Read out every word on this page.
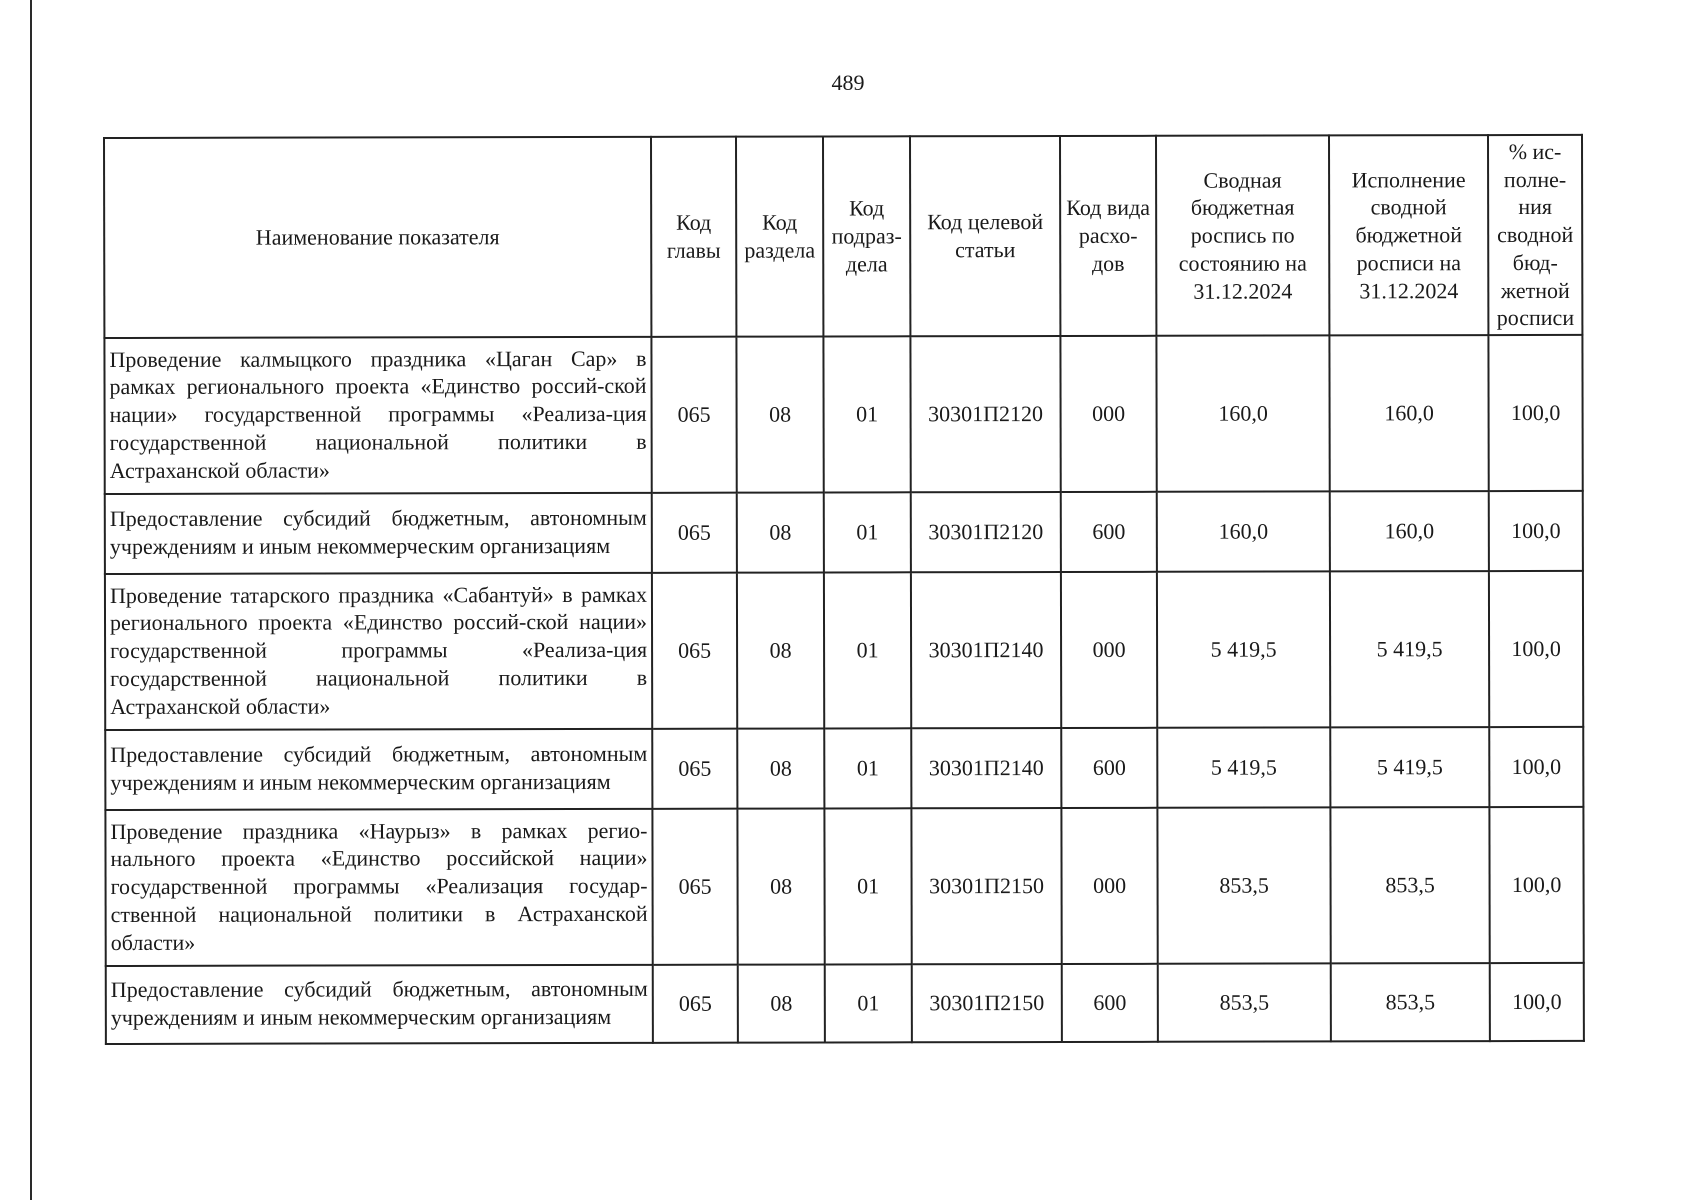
489
Наименование показателя	Код главы	Код раздела	Код подраз-дела	Код целевой статьи	Код вида расхо-дов	Сводная бюджетная роспись по состоянию на 31.12.2024	Исполнение сводной бюджетной росписи на 31.12.2024	% ис-полне-ния сводной бюд-жетной росписи
Проведение калмыцкого праздника «Цаган Сар» в рамках регионального проекта «Единство россий-ской нации» государственной программы «Реализа-ция государственной национальной политики в Астраханской области»	065	08	01	30301П2120	000	160,0	160,0	100,0
Предоставление субсидий бюджетным, автономным учреждениям и иным некоммерческим организациям	065	08	01	30301П2120	600	160,0	160,0	100,0
Проведение татарского праздника «Сабантуй» в рамках регионального проекта «Единство россий-ской нации» государственной программы «Реализа-ция государственной национальной политики в Астраханской области»	065	08	01	30301П2140	000	5 419,5	5 419,5	100,0
Предоставление субсидий бюджетным, автономным учреждениям и иным некоммерческим организациям	065	08	01	30301П2140	600	5 419,5	5 419,5	100,0
Проведение праздника «Наурыз» в рамках регио-нального проекта «Единство российской нации» государственной программы «Реализация государ-ственной национальной политики в Астраханской области»	065	08	01	30301П2150	000	853,5	853,5	100,0
Предоставление субсидий бюджетным, автономным учреждениям и иным некоммерческим организациям	065	08	01	30301П2150	600	853,5	853,5	100,0
